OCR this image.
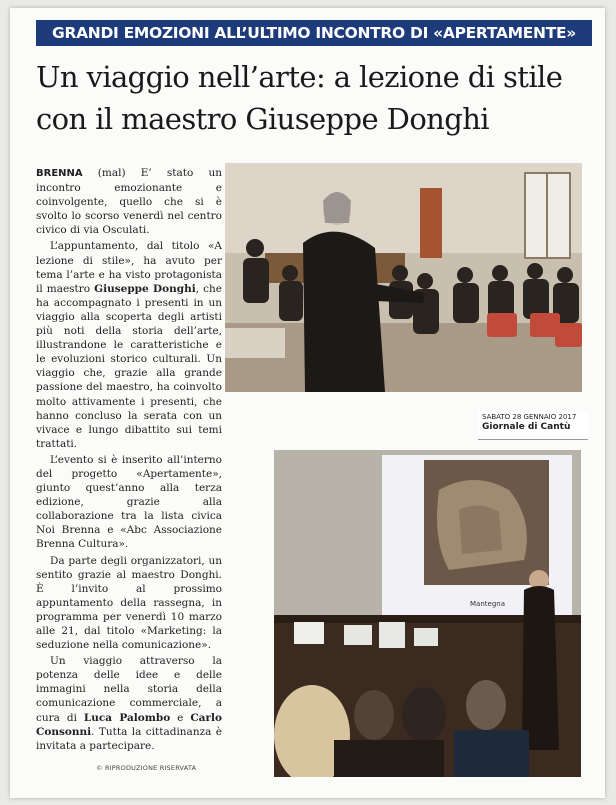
GRANDI EMOZIONI ALL’ULTIMO INCONTRO DI «APERTAMENTE»
Un viaggio nell’arte: a lezione di stile
con il maestro Giuseppe Donghi

BRENNA (mal) E’ stato un incontro emozionante e coinvolgente, quello che si è svolto lo scorso venerdì nel centro civico di via Osculati.

L’appuntamento, dal titolo «A lezione di stile», ha avuto per tema l’arte e ha visto protagonista il maestro Giuseppe Donghi, che ha accompagnato i presenti in un viaggio alla scoperta degli artisti più noti della storia dell’arte, illustrandone le caratteristiche e le evoluzioni storico culturali. Un viaggio che, grazie alla grande passione del maestro, ha coinvolto molto attivamente i presenti, che hanno concluso la serata con un vivace e lungo dibattito sui temi trattati.

L’evento si è inserito all’interno del progetto «Apertamente», giunto quest’anno alla terza edizione, grazie alla collaborazione tra la lista civica Noi Brenna e «Abc Associazione Brenna Cultura».

Da parte degli organizzatori, un sentito grazie al maestro Donghi. È l’invito al prossimo appuntamento della rassegna, in programma per venerdì 10 marzo alle 21, dal titolo «Marketing: la seduzione nella comunicazione».

Un viaggio attraverso la potenza delle idee e delle immagini nella storia della comunicazione commerciale, a cura di Luca Palombo e Carlo Consonni. Tutta la cittadinanza è invitata a partecipare.

© RIPRODUZIONE RISERVATA
SABATO 28 GENNAIO 2017
Giornale di Cantù
Mantegna
